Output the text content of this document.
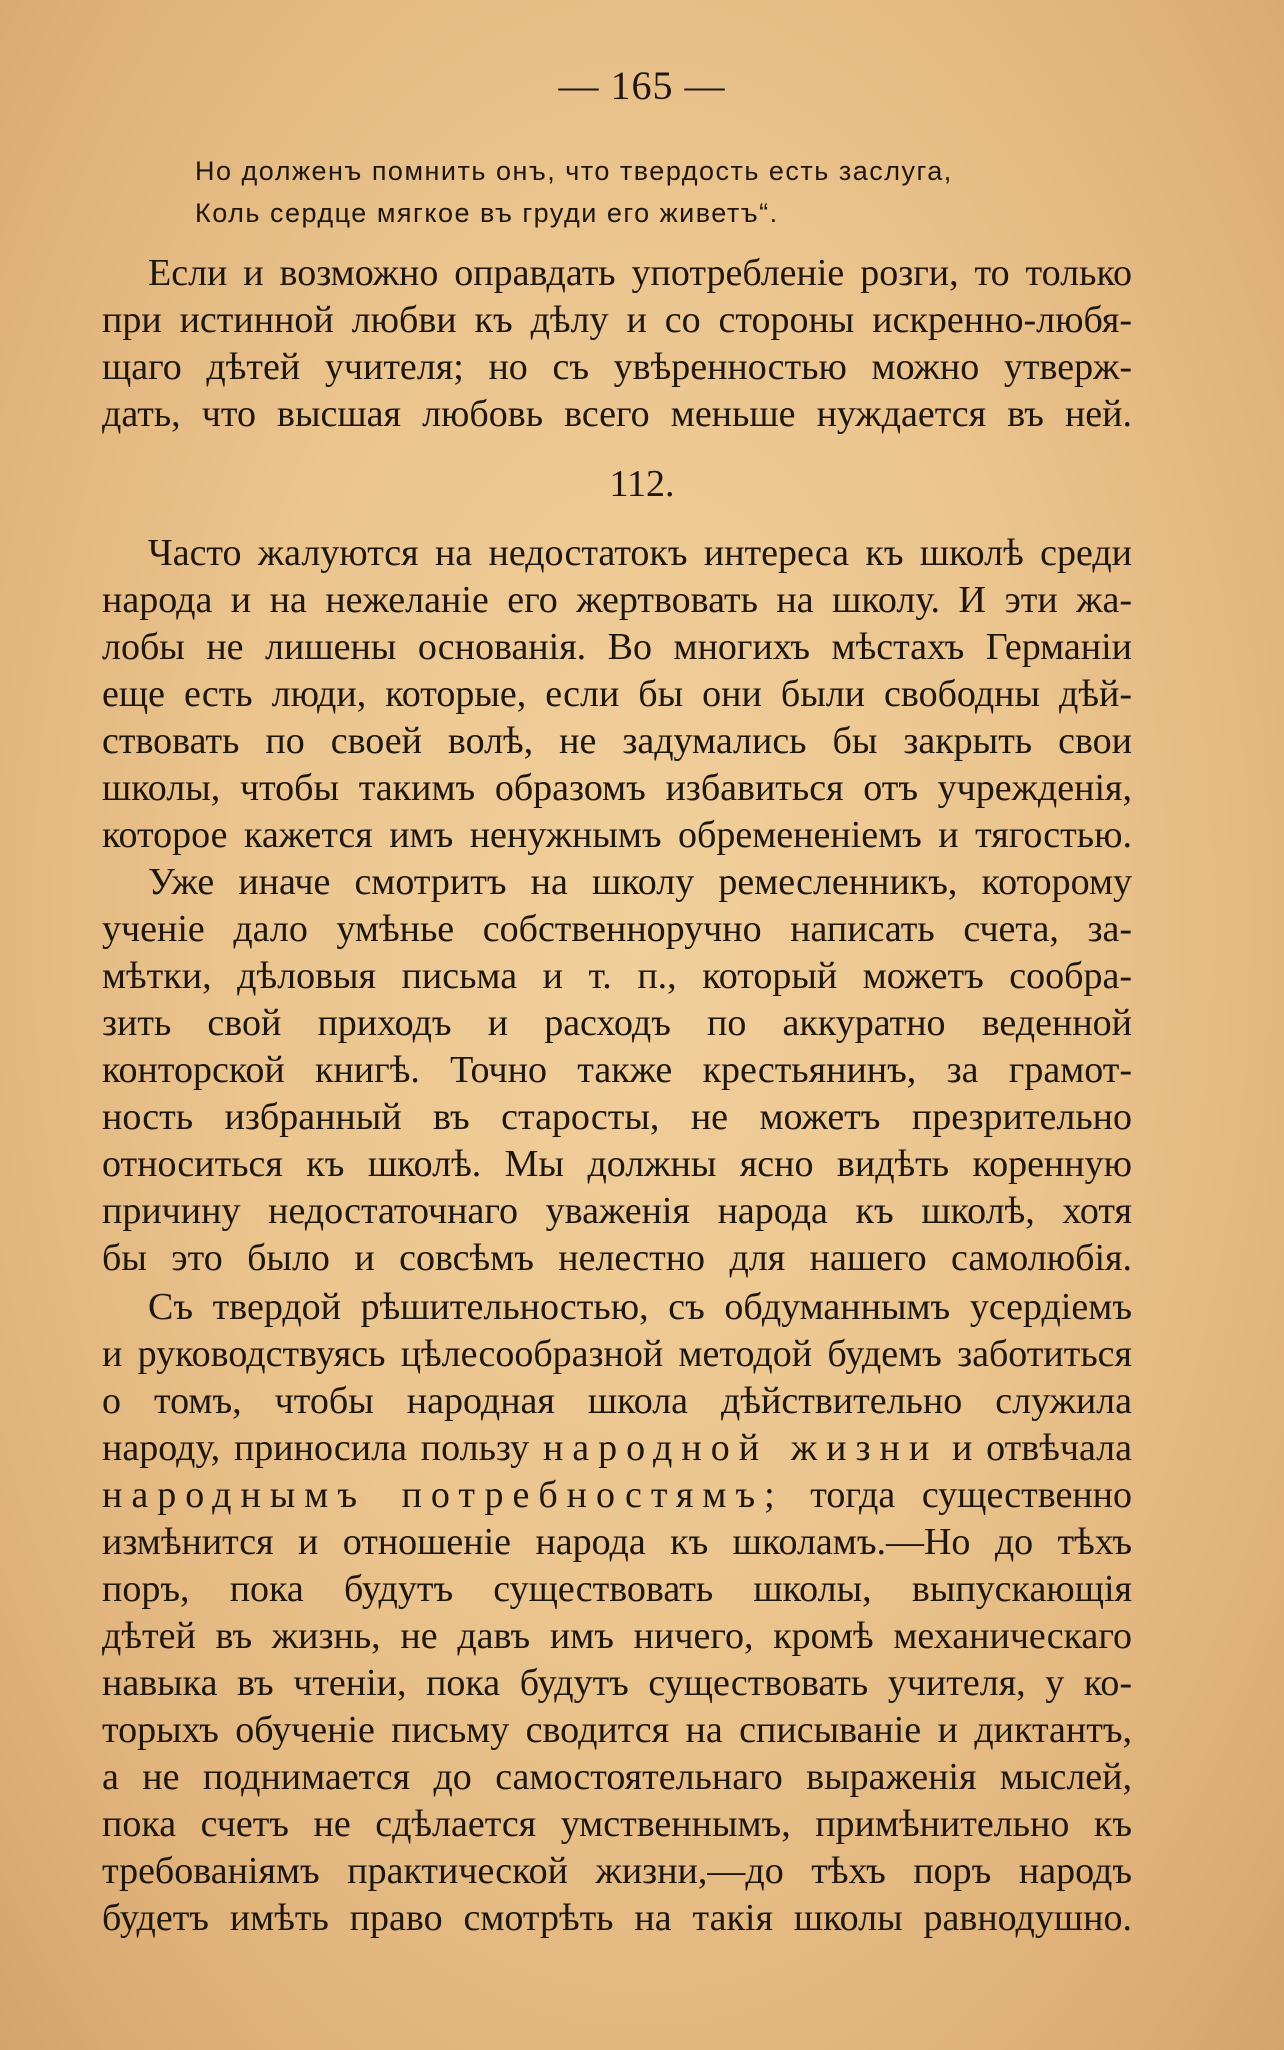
— 165 —
Но долженъ помнить онъ, что твердость есть заслуга,
Коль сердце мягкое въ груди его живетъ“.
Если и возможно оправдать употребленіе розги, то только
при истинной любви къ дѣлу и со стороны искренно-любя-
щаго дѣтей учителя; но съ увѣренностью можно утверж-
дать, что высшая любовь всего меньше нуждается въ ней.
112.
Часто жалуются на недостатокъ интереса къ школѣ среди
народа и на нежеланіе его жертвовать на школу. И эти жа-
лобы не лишены основанія. Во многихъ мѣстахъ Германіи
еще есть люди, которые, если бы они были свободны дѣй-
ствовать по своей волѣ, не задумались бы закрыть свои
школы, чтобы такимъ образомъ избавиться отъ учрежденія,
которое кажется имъ ненужнымъ обремененіемъ и тягостью.
Уже иначе смотритъ на школу ремесленникъ, которому
ученіе дало умѣнье собственноручно написать счета, за-
мѣтки, дѣловыя письма и т. п., который можетъ сообра-
зить свой приходъ и расходъ по аккуратно веденной
конторской книгѣ. Точно также крестьянинъ, за грамот-
ность избранный въ старосты, не можетъ презрительно
относиться къ школѣ. Мы должны ясно видѣть коренную
причину недостаточнаго уваженія народа къ школѣ, хотя
бы это было и совсѣмъ нелестно для нашего самолюбія.
Съ твердой рѣшительностью, съ обдуманнымъ усердіемъ
и руководствуясь цѣлесообразной методой будемъ заботиться
о томъ, чтобы народная школа дѣйствительно служила
народу, приносила пользу народной жизни и отвѣчала
народнымъ потребностямъ; тогда существенно
измѣнится и отношеніе народа къ школамъ.—Но до тѣхъ
поръ, пока будутъ существовать школы, выпускающія
дѣтей въ жизнь, не давъ имъ ничего, кромѣ механическаго
навыка въ чтеніи, пока будутъ существовать учителя, у ко-
торыхъ обученіе письму сводится на списываніе и диктантъ,
а не поднимается до самостоятельнаго выраженія мыслей,
пока счетъ не сдѣлается умственнымъ, примѣнительно къ
требованіямъ практической жизни,—до тѣхъ поръ народъ
будетъ имѣть право смотрѣть на такія школы равнодушно.
